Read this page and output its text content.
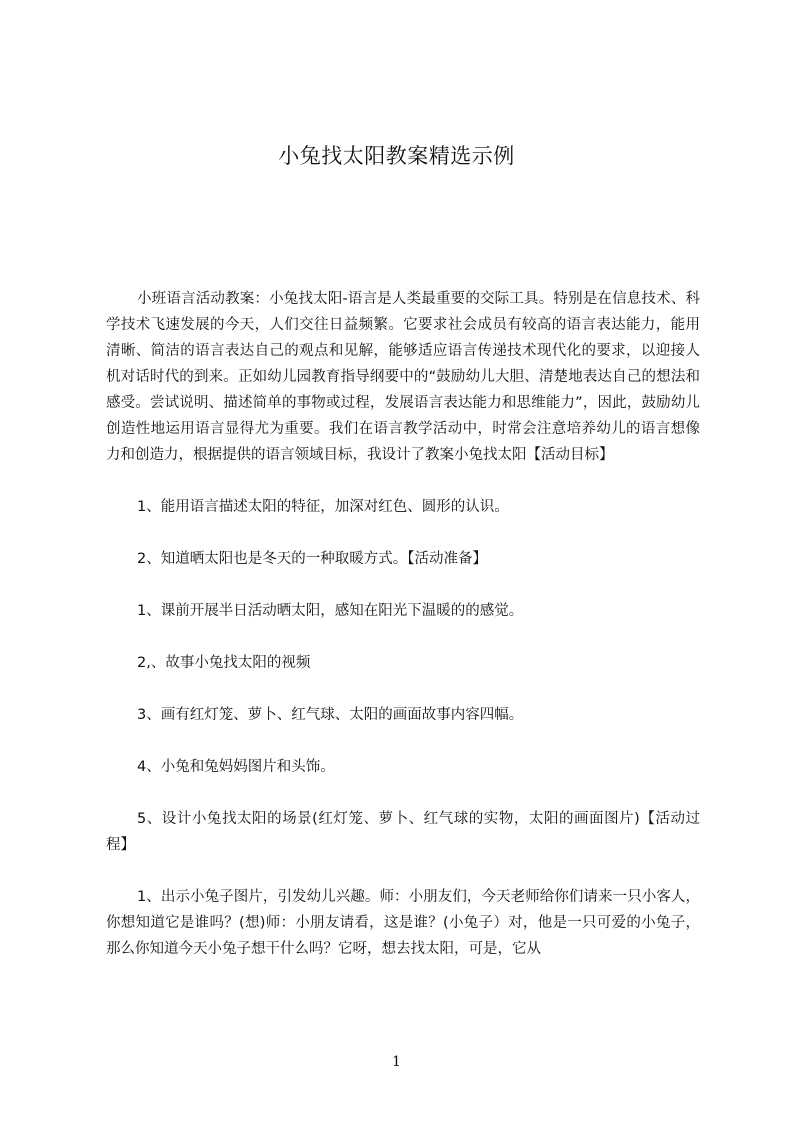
小兔找太阳教案精选示例

小班语言活动教案：小兔找太阳-语言是人类最重要的交际工具。特别是在信息技术、科学技术飞速发展的今天，人们交往日益频繁。它要求社会成员有较高的语言表达能力，能用清晰、简洁的语言表达自己的观点和见解，能够适应语言传递技术现代化的要求，以迎接人机对话时代的到来。正如幼儿园教育指导纲要中的“鼓励幼儿大胆、清楚地表达自己的想法和感受。尝试说明、描述简单的事物或过程，发展语言表达能力和思维能力”，因此，鼓励幼儿创造性地运用语言显得尤为重要。我们在语言教学活动中，时常会注意培养幼儿的语言想像力和创造力，根据提供的语言领域目标，我设计了教案小兔找太阳【活动目标】

1、能用语言描述太阳的特征，加深对红色、圆形的认识。

2、知道晒太阳也是冬天的一种取暖方式。【活动准备】

1、课前开展半日活动晒太阳，感知在阳光下温暖的的感觉。

2,、故事小兔找太阳的视频

3、画有红灯笼、萝卜、红气球、太阳的画面故事内容四幅。

4、小兔和兔妈妈图片和头饰。

5、设计小兔找太阳的场景(红灯笼、萝卜、红气球的实物，太阳的画面图片)【活动过程】

1、出示小兔子图片，引发幼儿兴趣。师：小朋友们，今天老师给你们请来一只小客人，你想知道它是谁吗？(想)师：小朋友请看，这是谁？(小兔子）对，他是一只可爱的小兔子，那么你知道今天小兔子想干什么吗？它呀，想去找太阳，可是，它从

1
